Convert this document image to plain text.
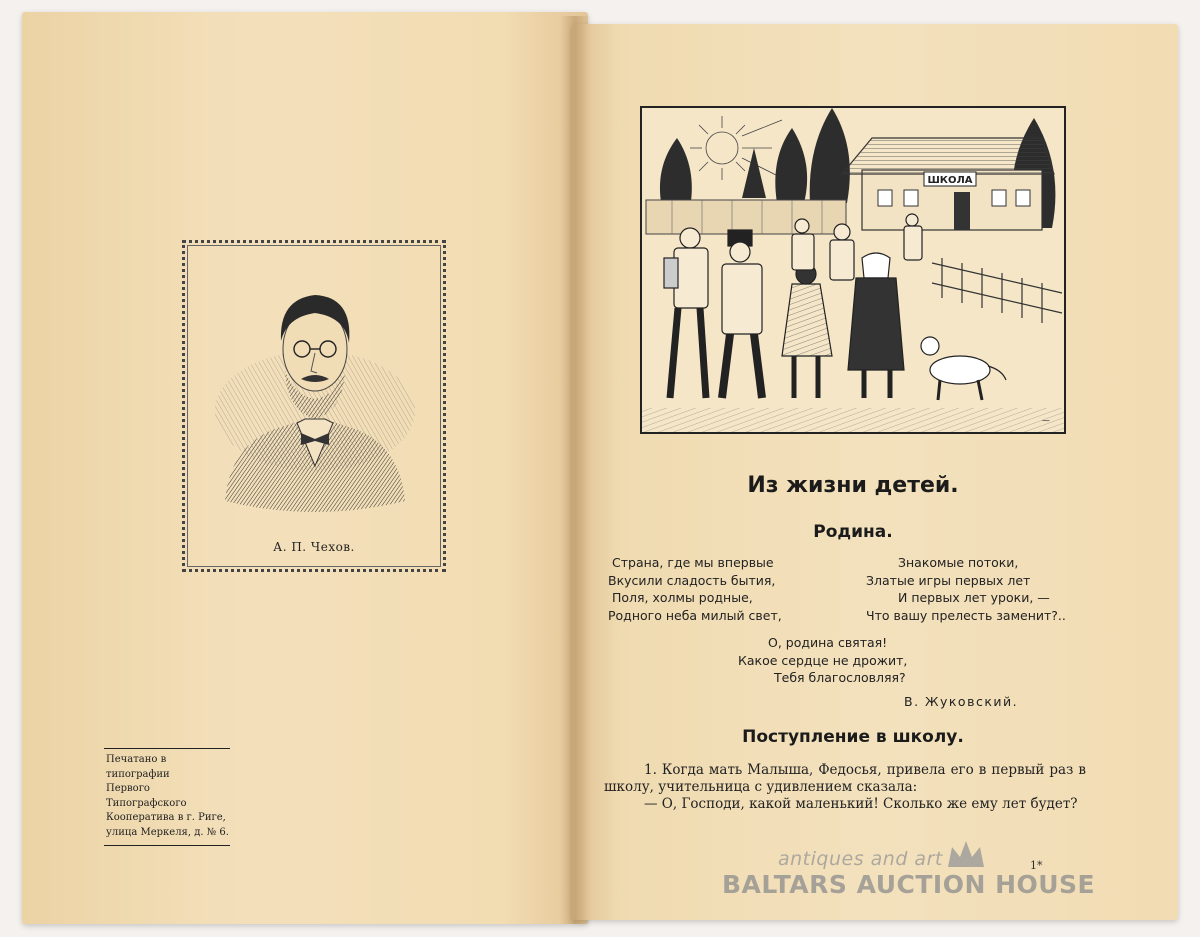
А. П. Чехов.
Печатано в типографии
Первого Типографского
Кооператива в г. Риге,
улица Меркеля, д. № 6.
ШКОЛА
⁓
Из жизни детей.
Родина.
Страна, где мы впервые
Вкусили сладость бытия,
Поля, холмы родные,
Родного неба милый свет,
Знакомые потоки,
Златые игры первых лет
И первых лет уроки, —
Что вашу прелесть заменит?..
О, родина святая!
Какое сердце не дрожит,
Тебя благословляя?
В. Жуковский.
Поступление в школу.

1. Когда мать Малыша, Федосья, привела его в первый раз в школу, учительница с удивлением сказала:

— О, Господи, какой маленький! Сколько же ему лет будет?

1*
antiques and art
BALTARS AUCTION HOUSE
